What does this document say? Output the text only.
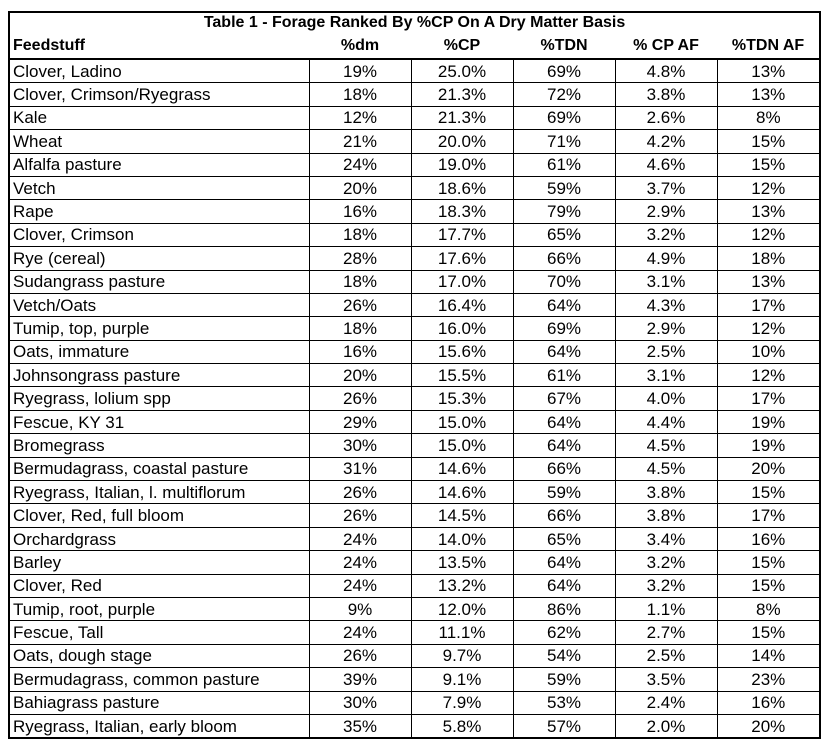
Table 1 - Forage Ranked By %CP On A Dry Matter Basis					
Feedstuff	%dm	%CP	%TDN	% CP AF	%TDN AF
Clover, Ladino	19%	25.0%	69%	4.8%	13%
Clover, Crimson/Ryegrass	18%	21.3%	72%	3.8%	13%
Kale	12%	21.3%	69%	2.6%	8%
Wheat	21%	20.0%	71%	4.2%	15%
Alfalfa pasture	24%	19.0%	61%	4.6%	15%
Vetch	20%	18.6%	59%	3.7%	12%
Rape	16%	18.3%	79%	2.9%	13%
Clover, Crimson	18%	17.7%	65%	3.2%	12%
Rye (cereal)	28%	17.6%	66%	4.9%	18%
Sudangrass pasture	18%	17.0%	70%	3.1%	13%
Vetch/Oats	26%	16.4%	64%	4.3%	17%
Tumip, top, purple	18%	16.0%	69%	2.9%	12%
Oats, immature	16%	15.6%	64%	2.5%	10%
Johnsongrass pasture	20%	15.5%	61%	3.1%	12%
Ryegrass, lolium spp	26%	15.3%	67%	4.0%	17%
Fescue, KY 31	29%	15.0%	64%	4.4%	19%
Bromegrass	30%	15.0%	64%	4.5%	19%
Bermudagrass, coastal pasture	31%	14.6%	66%	4.5%	20%
Ryegrass, Italian, l. multiflorum	26%	14.6%	59%	3.8%	15%
Clover, Red, full bloom	26%	14.5%	66%	3.8%	17%
Orchardgrass	24%	14.0%	65%	3.4%	16%
Barley	24%	13.5%	64%	3.2%	15%
Clover, Red	24%	13.2%	64%	3.2%	15%
Tumip, root, purple	9%	12.0%	86%	1.1%	8%
Fescue, Tall	24%	11.1%	62%	2.7%	15%
Oats, dough stage	26%	9.7%	54%	2.5%	14%
Bermudagrass, common pasture	39%	9.1%	59%	3.5%	23%
Bahiagrass pasture	30%	7.9%	53%	2.4%	16%
Ryegrass, Italian, early bloom	35%	5.8%	57%	2.0%	20%
